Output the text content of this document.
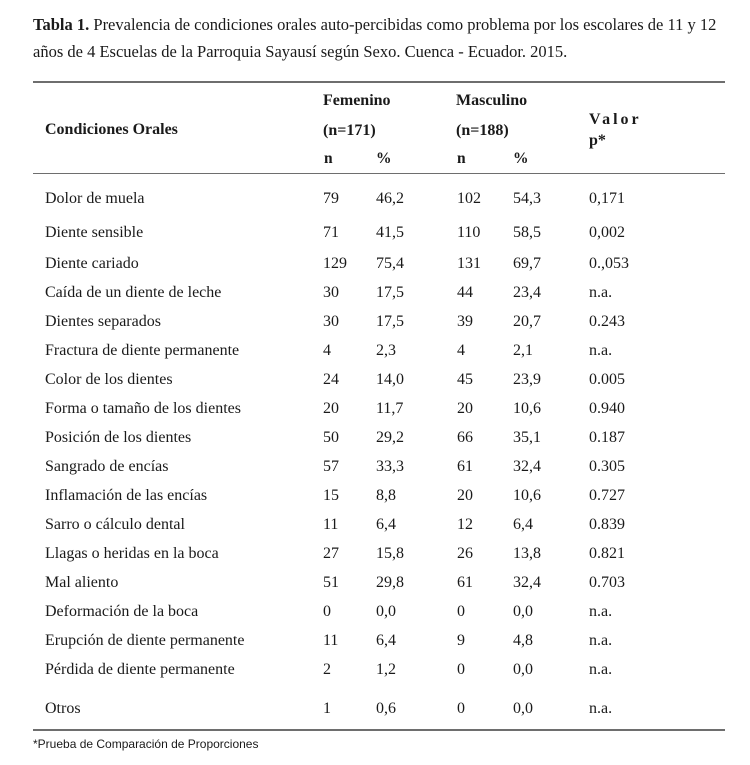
Tabla 1. Prevalencia de condiciones orales auto-percibidas como problema por los escolares de 11 y 12 años de 4 Escuelas de la Parroquia Sayausí según Sexo. Cuenca - Ecuador. 2015.
Condiciones Orales
Femenino
(n=171)
Masculino
(n=188)
Valor
p*
n	%	n	%
Dolor de muela	79 46,2	102 54,3	0,171
Diente sensible	71 41,5	110 58,5	0,002
Diente cariado	129 75,4	131 69,7	0.,053
Caída de un diente de leche	30 17,5	44	23,4	n.a.
Dientes separados	30 17,5	39	20,7	0.243
Fractura de diente permanente	4	2,3	4	2,1	n.a.
Color de los dientes	24 14,0	45	23,9	0.005
Forma o tamaño de los dientes	20 11,7	20	10,6	0.940
Posición de los dientes	50 29,2	66	35,1	0.187
Sangrado de encías	57 33,3	61	32,4	0.305
Inflamación de las encías	15 8,8	20	10,6	0.727
Sarro o cálculo dental	11 6,4	12	6,4	0.839
Llagas o heridas en la boca	27 15,8	26	13,8	0.821
Mal aliento	51 29,8	61	32,4	0.703
Deformación de la boca	0	0,0	0	0,0	n.a.
Erupción de diente permanente	11 6,4	9	4,8	n.a.
Pérdida de diente permanente	2	1,2	0	0,0	n.a.
Otros	1	0,6	0	0,0	n.a.
*Prueba de Comparación de Proporciones
